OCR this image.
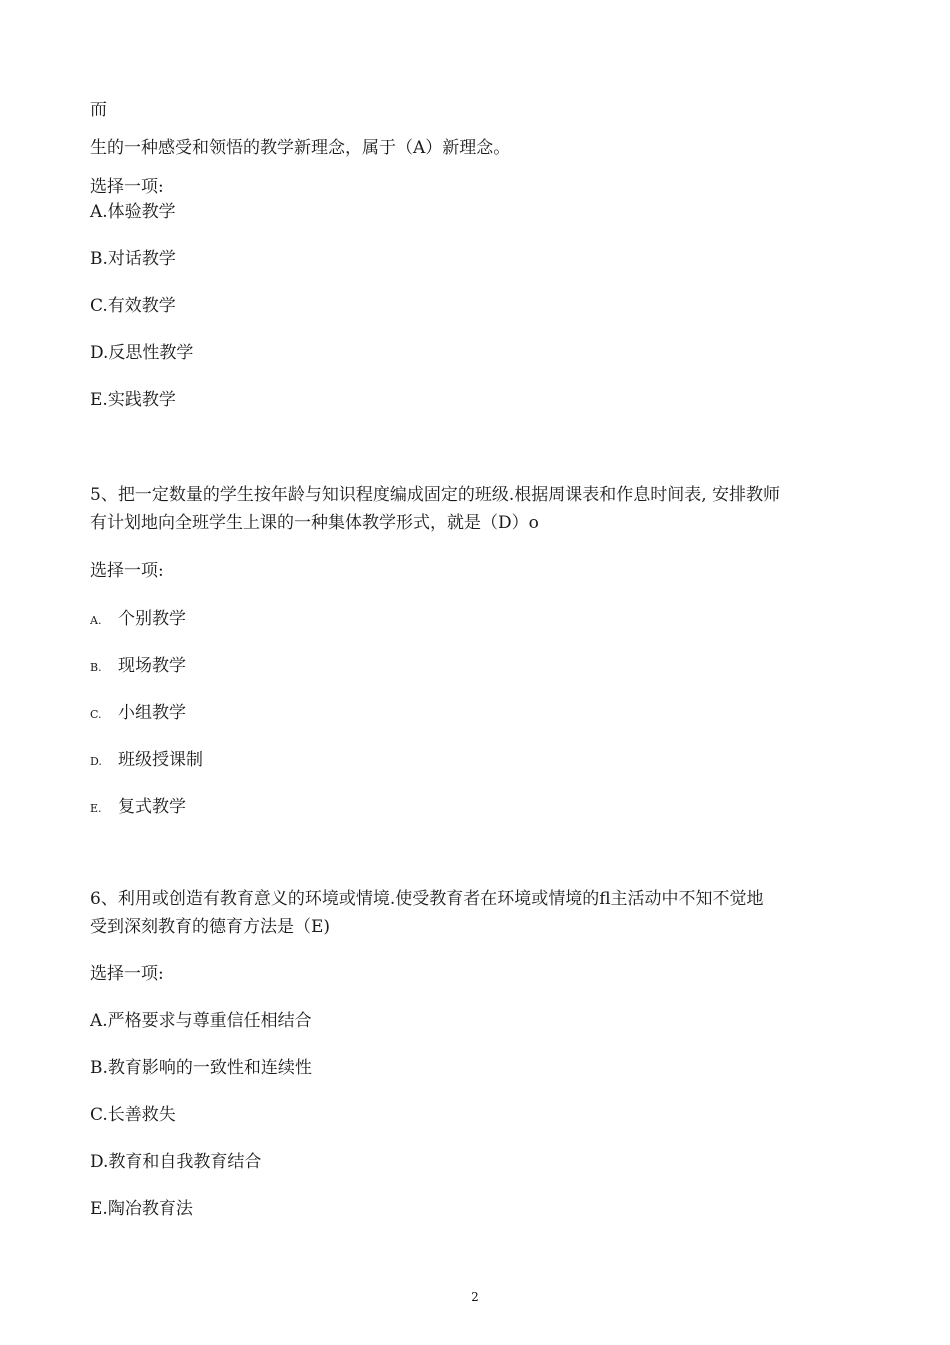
而
生的一种感受和领悟的教学新理念，属于（A）新理念。
选择一项:
A.体验教学
B.对话教学
C.有效教学
D.反思性教学
E.实践教学
5、把一定数量的学生按年龄与知识程度编成固定的班级.根据周课表和作息时间表, 安排教师
有计划地向全班学生上课的一种集体教学形式，就是（D）o
选择一项:
A. 个别教学
B. 现场教学
C. 小组教学
D. 班级授课制
E. 复式教学
6、利用或创造有教育意义的环境或情境.使受教育者在环境或情境的fl主活动中不知不觉地
受到深刻教育的德育方法是（E)
选择一项:
A.严格要求与尊重信任相结合
B.教育影响的一致性和连续性
C.长善救失
D.教育和自我教育结合
E.陶冶教育法
2
